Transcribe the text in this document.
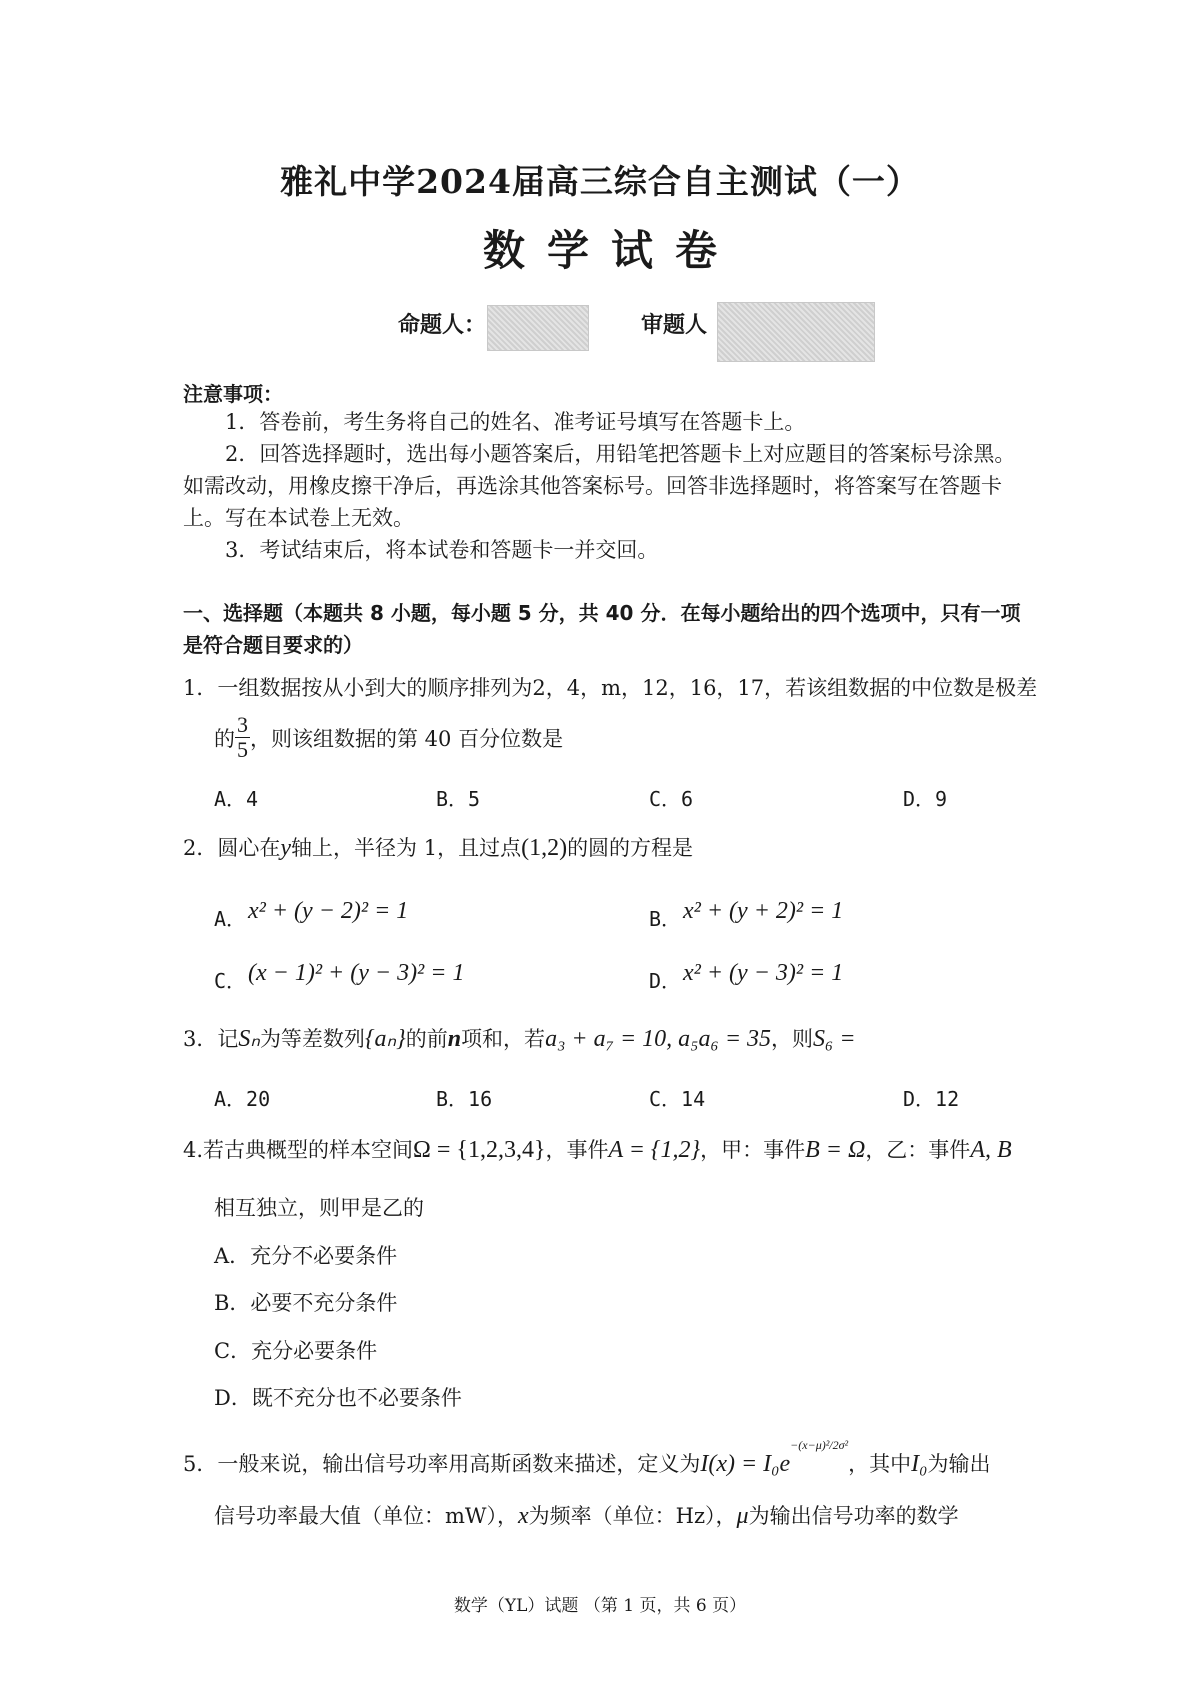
雅礼中学2024届高三综合自主测试（一）
数学试卷
命题人：	审题人
注意事项：
1．答卷前，考生务将自己的姓名、准考证号填写在答题卡上。
2．回答选择题时，选出每小题答案后，用铅笔把答题卡上对应题目的答案标号涂黑。如需改动，用橡皮擦干净后，再选涂其他答案标号。回答非选择题时，将答案写在答题卡上。写在本试卷上无效。
3．考试结束后，将本试卷和答题卡一并交回。
一、选择题（本题共 8 小题，每小题 5 分，共 40 分．在每小题给出的四个选项中，只有一项是符合题目要求的）
1．一组数据按从小到大的顺序排列为2，4，m，12，16，17，若该组数据的中位数是极差
的 $\frac{3}{5}$ ，则该组数据的第 40 百分位数是
A．4	B．5	C．6	D．9
2．圆心在y轴上，半径为 1，且过点(1,2)的圆的方程是
A． x² + (y − 2)² = 1	B． x² + (y + 2)² = 1
C． (x − 1)² + (y − 3)² = 1	D． x² + (y − 3)² = 1
3．记Sₙ为等差数列{aₙ}的前n项和，若a₃ + a₇ = 10, a₅a₆ = 35，则S₆ =
A．20	B．16	C．14	D．12
4.若古典概型的样本空间Ω = {1,2,3,4}，事件A = {1,2}，甲：事件B = Ω，乙：事件A, B
相互独立，则甲是乙的
A．充分不必要条件
B．必要不充分条件
C．充分必要条件
D．既不充分也不必要条件
5．一般来说，输出信号功率用高斯函数来描述，定义为$I(x) = I_0e^{-(x-\mu)^2/2\sigma^2}$，其中I₀为输出
信号功率最大值（单位：mW），x为频率（单位：Hz），μ为输出信号功率的数学
数学（YL）试题 （第 1 页，共 6 页）
